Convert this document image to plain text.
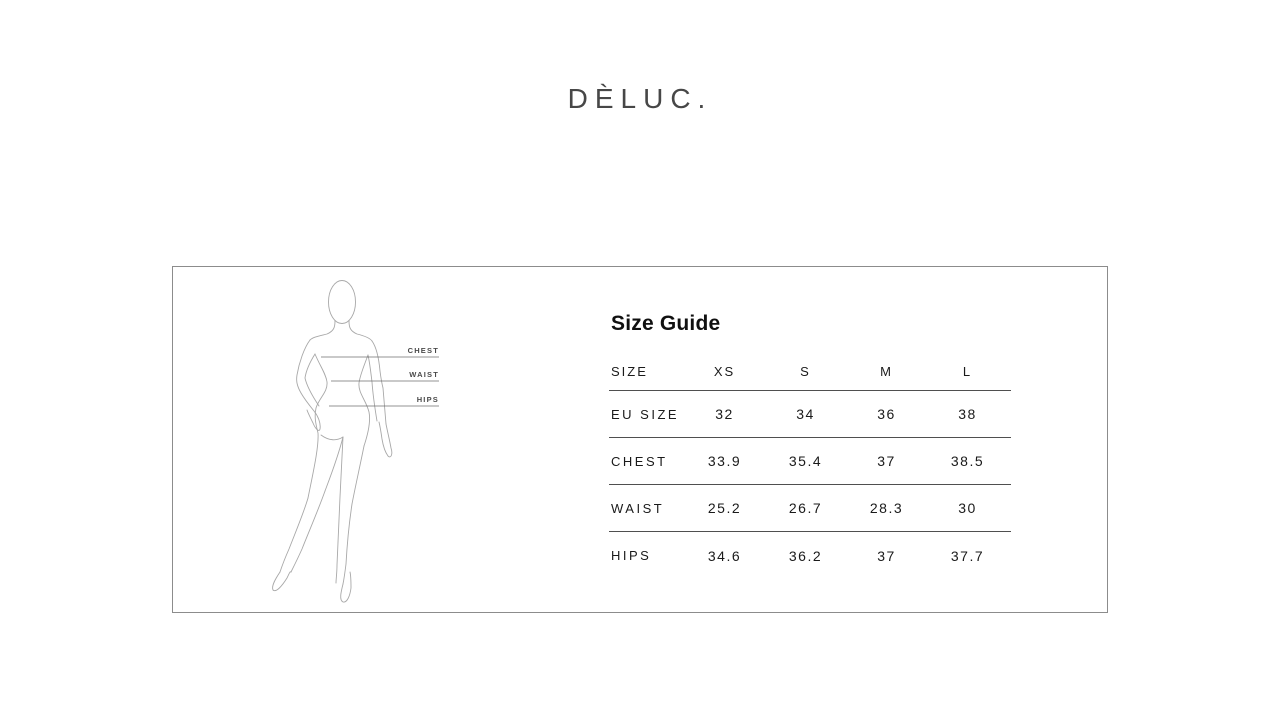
DÈLUC.
CHEST
WAIST
HIPS
Size Guide
SIZE	XS	S	M	L
EU SIZE	32	34	36	38
CHEST	33.9	35.4	37	38.5
WAIST	25.2	26.7	28.3	30
HIPS	34.6	36.2	37	37.7
